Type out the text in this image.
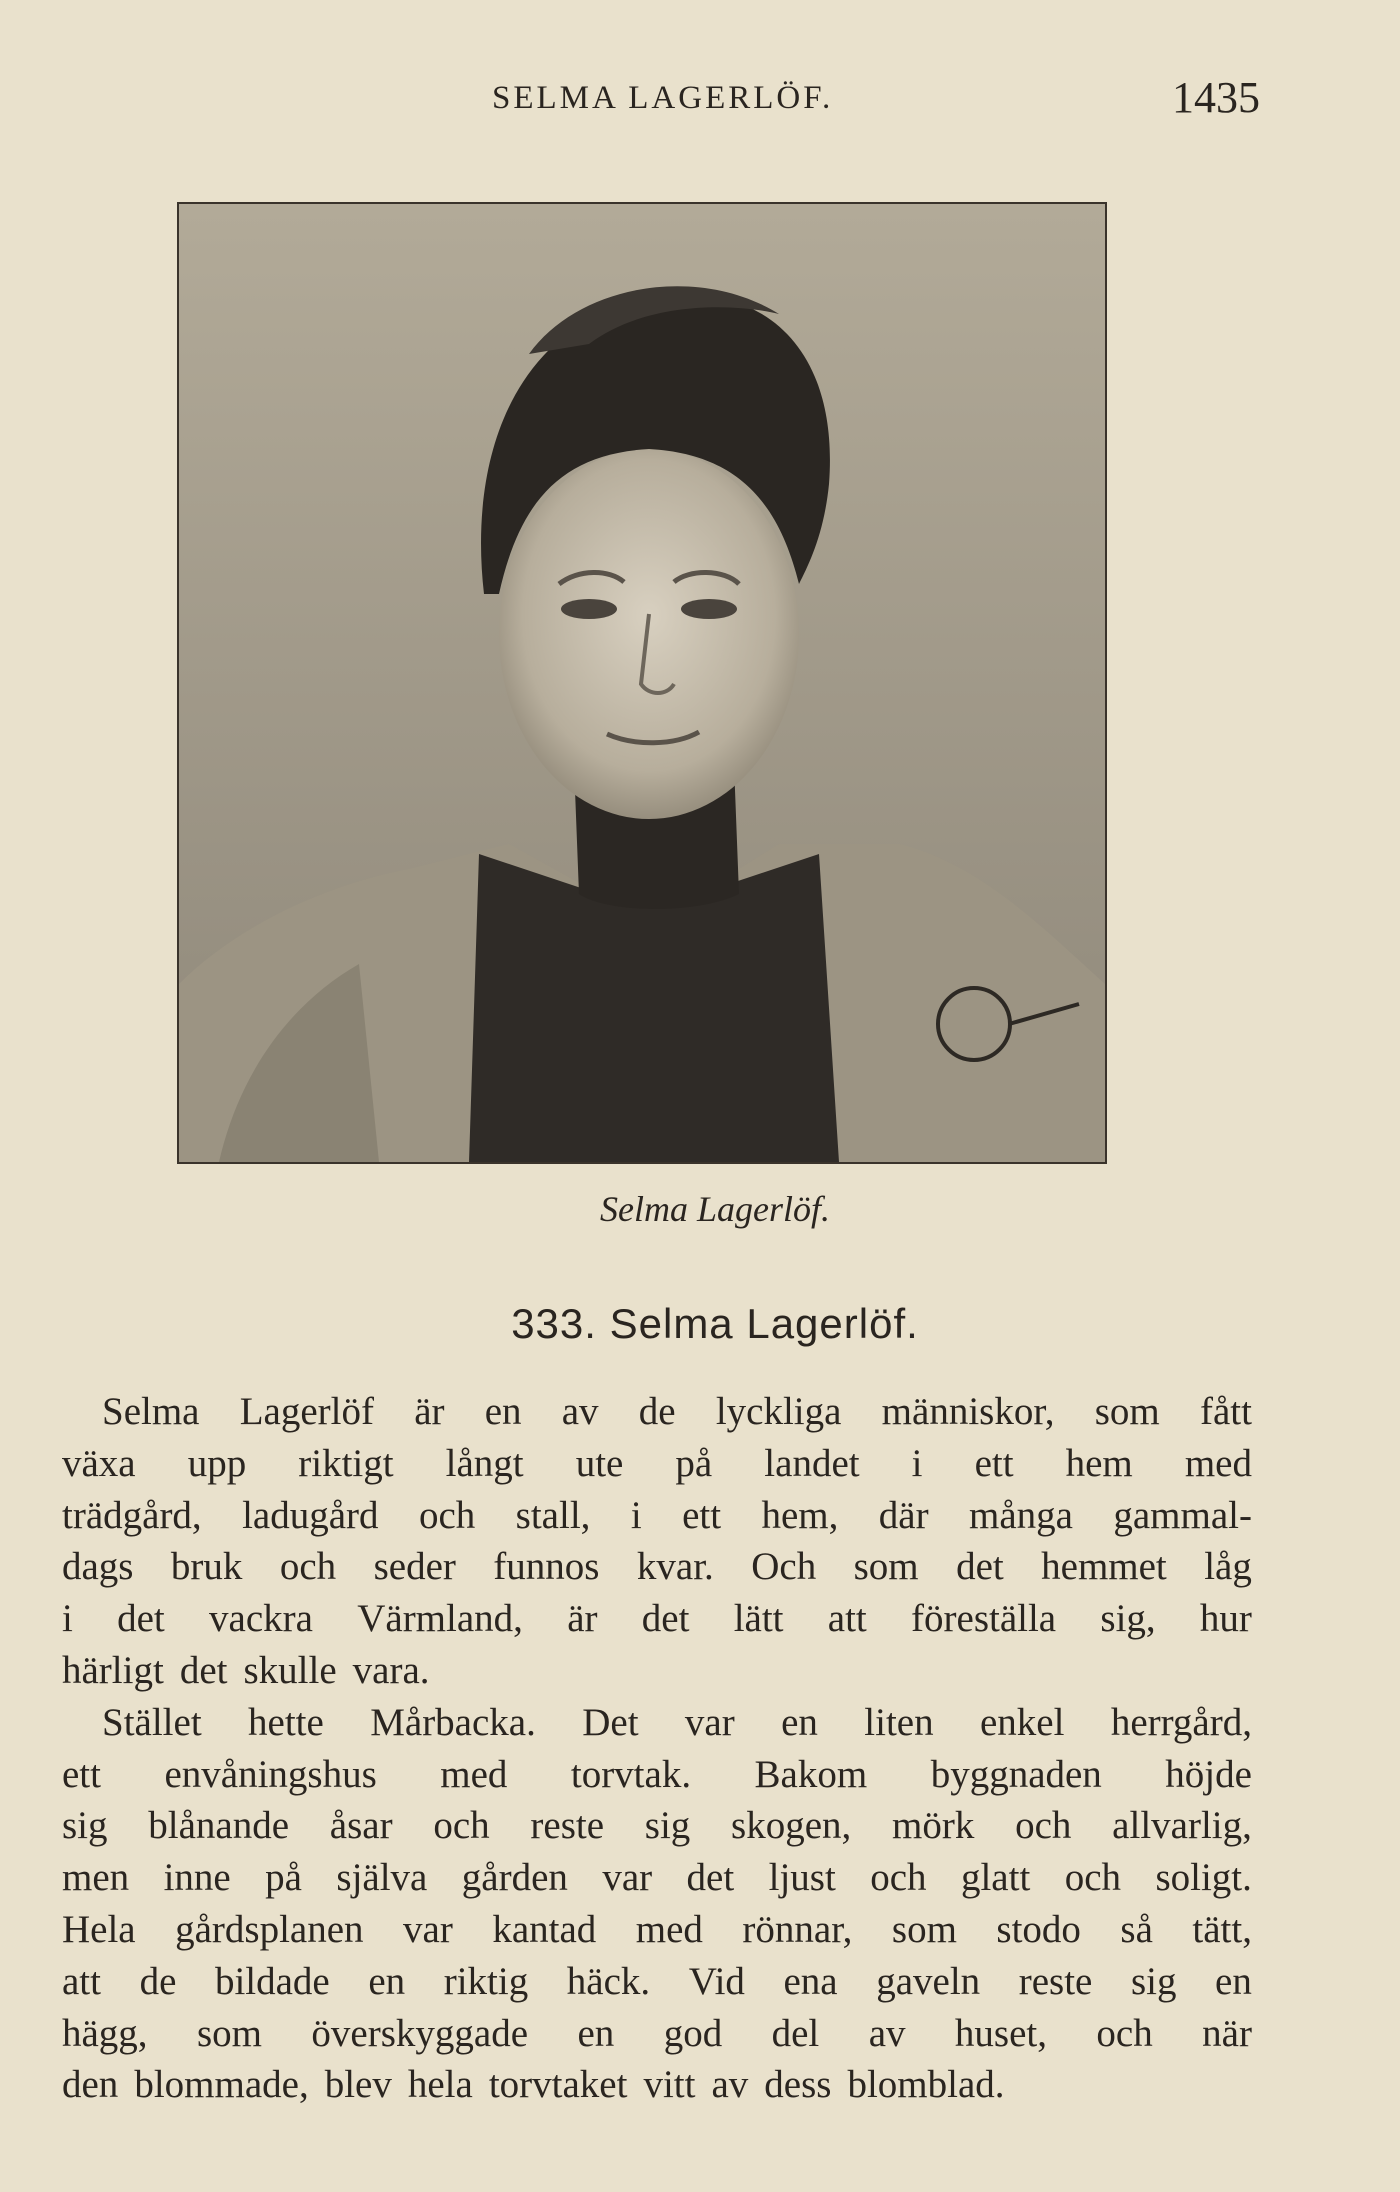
SELMA LAGERLÖF.	1435
Selma Lagerlöf.
333. Selma Lagerlöf.
Selma Lagerlöf är en av de lyckliga människor, som fått
växa upp riktigt långt ute på landet i ett hem med
trädgård, ladugård och stall, i ett hem, där många gammal-
dags bruk och seder funnos kvar. Och som det hemmet låg
i det vackra Värmland, är det lätt att föreställa sig, hur
härligt det skulle vara.
Stället hette Mårbacka. Det var en liten enkel herrgård,
ett envåningshus med torvtak. Bakom byggnaden höjde
sig blånande åsar och reste sig skogen, mörk och allvarlig,
men inne på själva gården var det ljust och glatt och soligt.
Hela gårdsplanen var kantad med rönnar, som stodo så tätt,
att de bildade en riktig häck. Vid ena gaveln reste sig en
hägg, som överskyggade en god del av huset, och när
den blommade, blev hela torvtaket vitt av dess blomblad.
